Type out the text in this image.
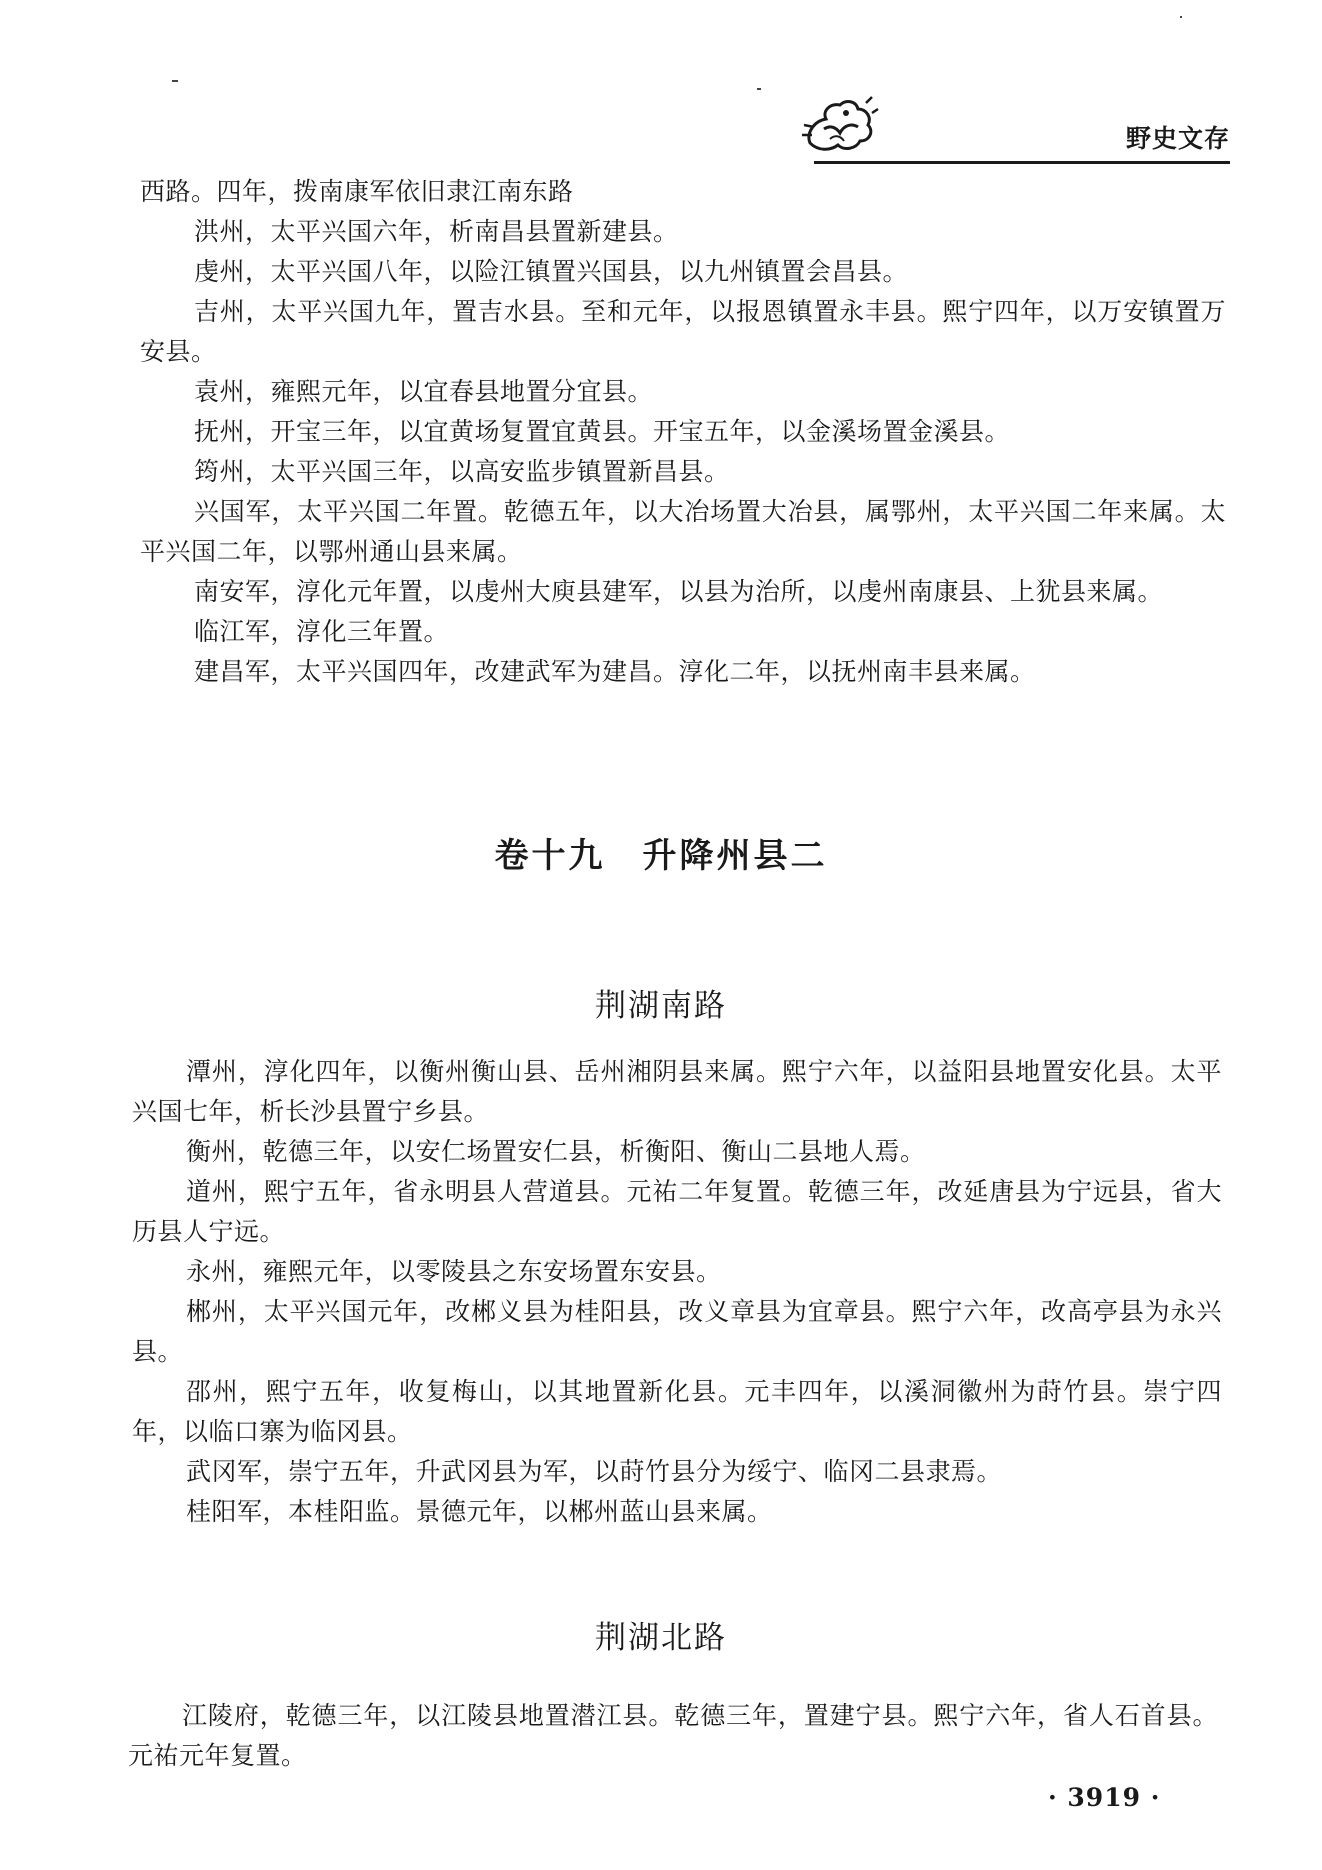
野史文存

西路。四年，拨南康军依旧隶江南东路

洪州，太平兴国六年，析南昌县置新建县。

虔州，太平兴国八年，以险江镇置兴国县，以九州镇置会昌县。

吉州，太平兴国九年，置吉水县。至和元年，以报恩镇置永丰县。熙宁四年，以万安镇置万安县。

袁州，雍熙元年，以宜春县地置分宜县。

抚州，开宝三年，以宜黄场复置宜黄县。开宝五年，以金溪场置金溪县。

筠州，太平兴国三年，以高安监步镇置新昌县。

兴国军，太平兴国二年置。乾德五年，以大冶场置大冶县，属鄂州，太平兴国二年来属。太平兴国二年，以鄂州通山县来属。

南安军，淳化元年置，以虔州大庾县建军，以县为治所，以虔州南康县、上犹县来属。

临江军，淳化三年置。

建昌军，太平兴国四年，改建武军为建昌。淳化二年，以抚州南丰县来属。

卷十九　升降州县二
荆湖南路

潭州，淳化四年，以衡州衡山县、岳州湘阴县来属。熙宁六年，以益阳县地置安化县。太平兴国七年，析长沙县置宁乡县。

衡州，乾德三年，以安仁场置安仁县，析衡阳、衡山二县地人焉。

道州，熙宁五年，省永明县人营道县。元祐二年复置。乾德三年，改延唐县为宁远县，省大历县人宁远。

永州，雍熙元年，以零陵县之东安场置东安县。

郴州，太平兴国元年，改郴义县为桂阳县，改义章县为宜章县。熙宁六年，改高亭县为永兴县。

邵州，熙宁五年，收复梅山，以其地置新化县。元丰四年，以溪洞徽州为莳竹县。崇宁四年，以临口寨为临冈县。

武冈军，崇宁五年，升武冈县为军，以莳竹县分为绥宁、临冈二县隶焉。

桂阳军，本桂阳监。景德元年，以郴州蓝山县来属。

荆湖北路

江陵府，乾德三年，以江陵县地置潜江县。乾德三年，置建宁县。熙宁六年，省人石首县。元祐元年复置。

· 3919 ·
